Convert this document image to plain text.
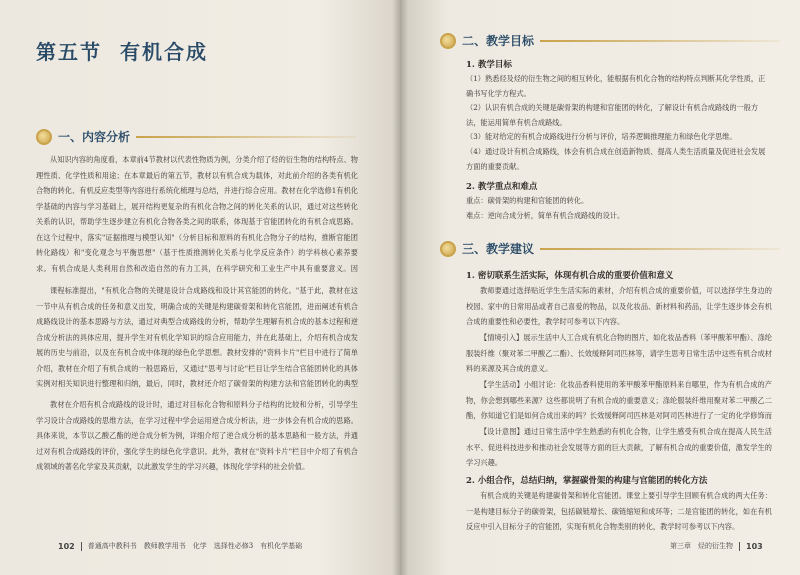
第五节 有机合成
一、内容分析
从知识内容的角度看，本章前4节教材以代表性物质为例，分类介绍了烃的衍生物的结构特点、物理性质、化学性质和用途；在本章最后的第五节，教材以有机合成为载体，对此前介绍的各类有机化合物的转化、有机反应类型等内容进行系统化梳理与总结，并进行综合应用。教材在化学选修1有机化学基础的内容与学习基础上，展开结构更复杂的有机化合物之间的转化关系的认识，通过对这些转化关系的认识，帮助学生逐步建立有机化合物各类之间的联系，体现基于官能团转化的有机合成思路。在这个过程中，落实"证据推理与模型认知"（分析目标和原料的有机化合物分子的结构，推断官能团转化路线）和"变化观念与平衡思想"（基于性质推测转化关系与化学反应条件）的学科核心素养要求。有机合成是人类利用自然和改造自然的有力工具，在科学研究和工业生产中具有重要意义。因
课程标准提出，"有机化合物的关键是设计合成路线和设计其官能团的转化。"基于此，教材在这一节中从有机合成的任务和意义出发，明确合成的关键是构建碳骨架和转化官能团，进而阐述有机合成路线设计的基本思路与方法，通过对典型合成路线的分析，帮助学生理解有机合成的基本过程和逆合成分析法的具体应用，提升学生对有机化学知识的综合应用能力，并在此基础上，介绍有机合成发展的历史与前沿，以及在有机合成中体现的绿色化学思想。教材安排的"资料卡片"栏目中进行了简单介绍，教材在介绍了有机合成的一般思路后，又通过"思考与讨论"栏目让学生结合官能团转化的具体实例对相关知识进行整理和归纳，最后，同时，教材还介绍了碳骨架的构建方法和官能团转化的典型
教材在介绍有机合成路线的设计时，通过对目标化合物和原料分子结构的比较和分析，引导学生学习设计合成路线的思维方法，在学习过程中学会运用逆合成分析法，进一步体会有机合成的思路。具体来说，本节以乙酸乙酯的逆合成分析为例，详细介绍了逆合成分析的基本思路和一般方法，并通过对有机合成路线的评价，强化学生的绿色化学意识。此外，教材在"资料卡片"栏目中介绍了有机合成领域的著名化学家及其贡献，以此激发学生的学习兴趣，体现化学学科的社会价值。
102 普通高中教科书　教师教学用书　化学　选择性必修3　有机化学基础
二、教学目标
1. 教学目标
（1）熟悉烃及烃的衍生物之间的相互转化，能根据有机化合物的结构特点判断其化学性质，正确书写化学方程式。
（2）认识有机合成的关键是碳骨架的构建和官能团的转化，了解设计有机合成路线的一般方法，能运用简单有机合成路线。
（3）能对给定的有机合成路线进行分析与评价，培养逻辑推理能力和绿色化学思维。
（4）通过设计有机合成路线，体会有机合成在创造新物质、提高人类生活质量及促进社会发展方面的重要贡献。
2. 教学重点和难点
重点：碳骨架的构建和官能团的转化。
难点：逆向合成分析，简单有机合成路线的设计。
三、教学建议
1. 密切联系生活实际，体现有机合成的重要价值和意义
教师要通过选择贴近学生生活实际的素材，介绍有机合成的重要价值，可以选择学生身边的校园、家中的日常用品或者自己喜爱的物品，以及化妆品、新材料和药品，让学生逐步体会有机合成的重要性和必要性，教学时可参考以下内容。
【情境引入】展示生活中人工合成有机化合物的图片，如化妆品香料（苯甲酸苯甲酯）、涤纶服装纤维（聚对苯二甲酸乙二酯）、长效缓释阿司匹林等，请学生思考日常生活中这些有机合成材料的来源及其合成的意义。
【学生活动】小组讨论：化妆品香料使用的苯甲酸苯甲酯原料来自哪里，作为有机合成的产物，你会想到哪些来源？这些都说明了有机合成的重要意义；涤纶服装纤维用聚对苯二甲酸乙二酯，你知道它们是如何合成出来的吗？长效缓释阿司匹林是对阿司匹林进行了一定的化学修饰而
【设计意图】通过日常生活中学生熟悉的有机化合物，让学生感受有机合成在提高人民生活水平、促进科技进步和推动社会发展等方面的巨大贡献，了解有机合成的重要价值，激发学生的学习兴趣。
2. 小组合作，总结归纳，掌握碳骨架的构建与官能团的转化方法
有机合成的关键是构建碳骨架和转化官能团。课堂上要引导学生回顾有机合成的两大任务：一是构建目标分子的碳骨架，包括碳链增长、碳链缩短和成环等；二是官能团的转化，如在有机反应中引入目标分子的官能团，实现有机化合物类别的转化，教学时可参考以下内容。
第三章　烃的衍生物 103
